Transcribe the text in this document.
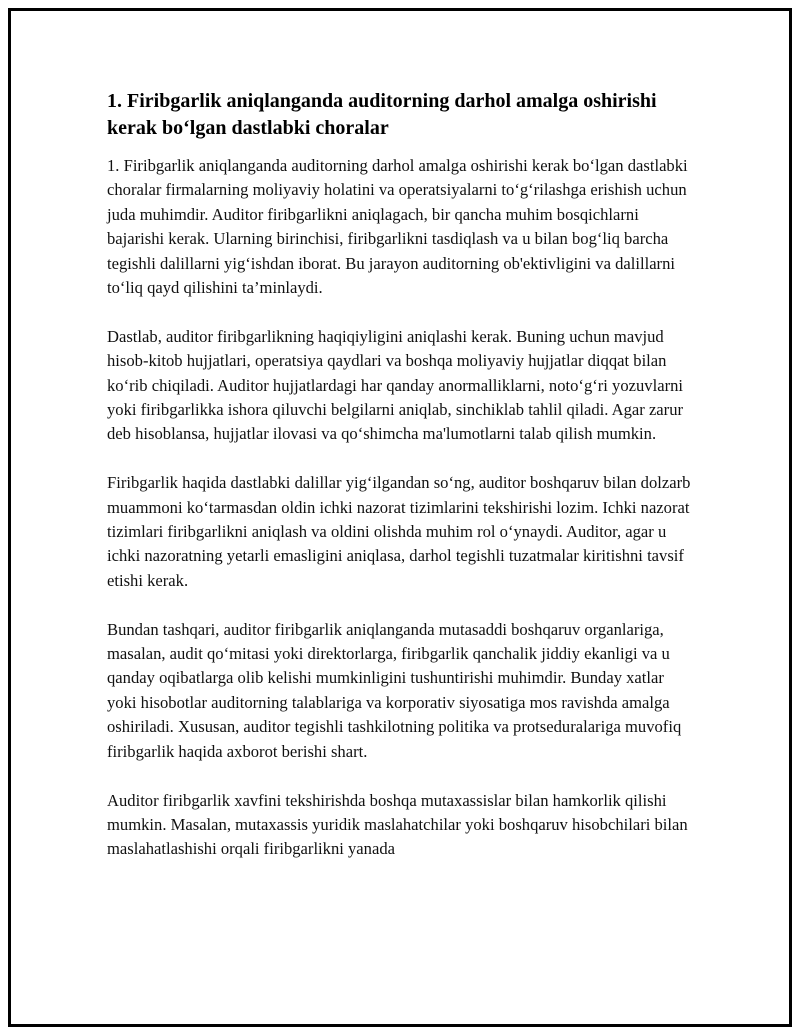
1. Firibgarlik aniqlanganda auditorning darhol amalga oshirishi kerak bo‘lgan dastlabki choralar

1. Firibgarlik aniqlanganda auditorning darhol amalga oshirishi kerak bo‘lgan dastlabki choralar firmalarning moliyaviy holatini va operatsiyalarni to‘g‘rilashga erishish uchun juda muhimdir. Auditor firibgarlikni aniqlagach, bir qancha muhim bosqichlarni bajarishi kerak. Ularning birinchisi, firibgarlikni tasdiqlash va u bilan bog‘liq barcha tegishli dalillarni yig‘ishdan iborat. Bu jarayon auditorning ob'ektivligini va dalillarni to‘liq qayd qilishini ta’minlaydi.

Dastlab, auditor firibgarlikning haqiqiyligini aniqlashi kerak. Buning uchun mavjud hisob-kitob hujjatlari, operatsiya qaydlari va boshqa moliyaviy hujjatlar diqqat bilan ko‘rib chiqiladi. Auditor hujjatlardagi har qanday anormalliklarni, noto‘g‘ri yozuvlarni yoki firibgarlikka ishora qiluvchi belgilarni aniqlab, sinchiklab tahlil qiladi. Agar zarur deb hisoblansa, hujjatlar ilovasi va qo‘shimcha ma'lumotlarni talab qilish mumkin.

Firibgarlik haqida dastlabki dalillar yig‘ilgandan so‘ng, auditor boshqaruv bilan dolzarb muammoni ko‘tarmasdan oldin ichki nazorat tizimlarini tekshirishi lozim. Ichki nazorat tizimlari firibgarlikni aniqlash va oldini olishda muhim rol o‘ynaydi. Auditor, agar u ichki nazoratning yetarli emasligini aniqlasa, darhol tegishli tuzatmalar kiritishni tavsif etishi kerak.

Bundan tashqari, auditor firibgarlik aniqlanganda mutasaddi boshqaruv organlariga, masalan, audit qo‘mitasi yoki direktorlarga, firibgarlik qanchalik jiddiy ekanligi va u qanday oqibatlarga olib kelishi mumkinligini tushuntirishi muhimdir. Bunday xatlar yoki hisobotlar auditorning talablariga va korporativ siyosatiga mos ravishda amalga oshiriladi. Xususan, auditor tegishli tashkilotning politika va protseduralariga muvofiq firibgarlik haqida axborot berishi shart.

Auditor firibgarlik xavfini tekshirishda boshqa mutaxassislar bilan hamkorlik qilishi mumkin. Masalan, mutaxassis yuridik maslahatchilar yoki boshqaruv hisobchilari bilan maslahatlashishi orqali firibgarlikni yanada
